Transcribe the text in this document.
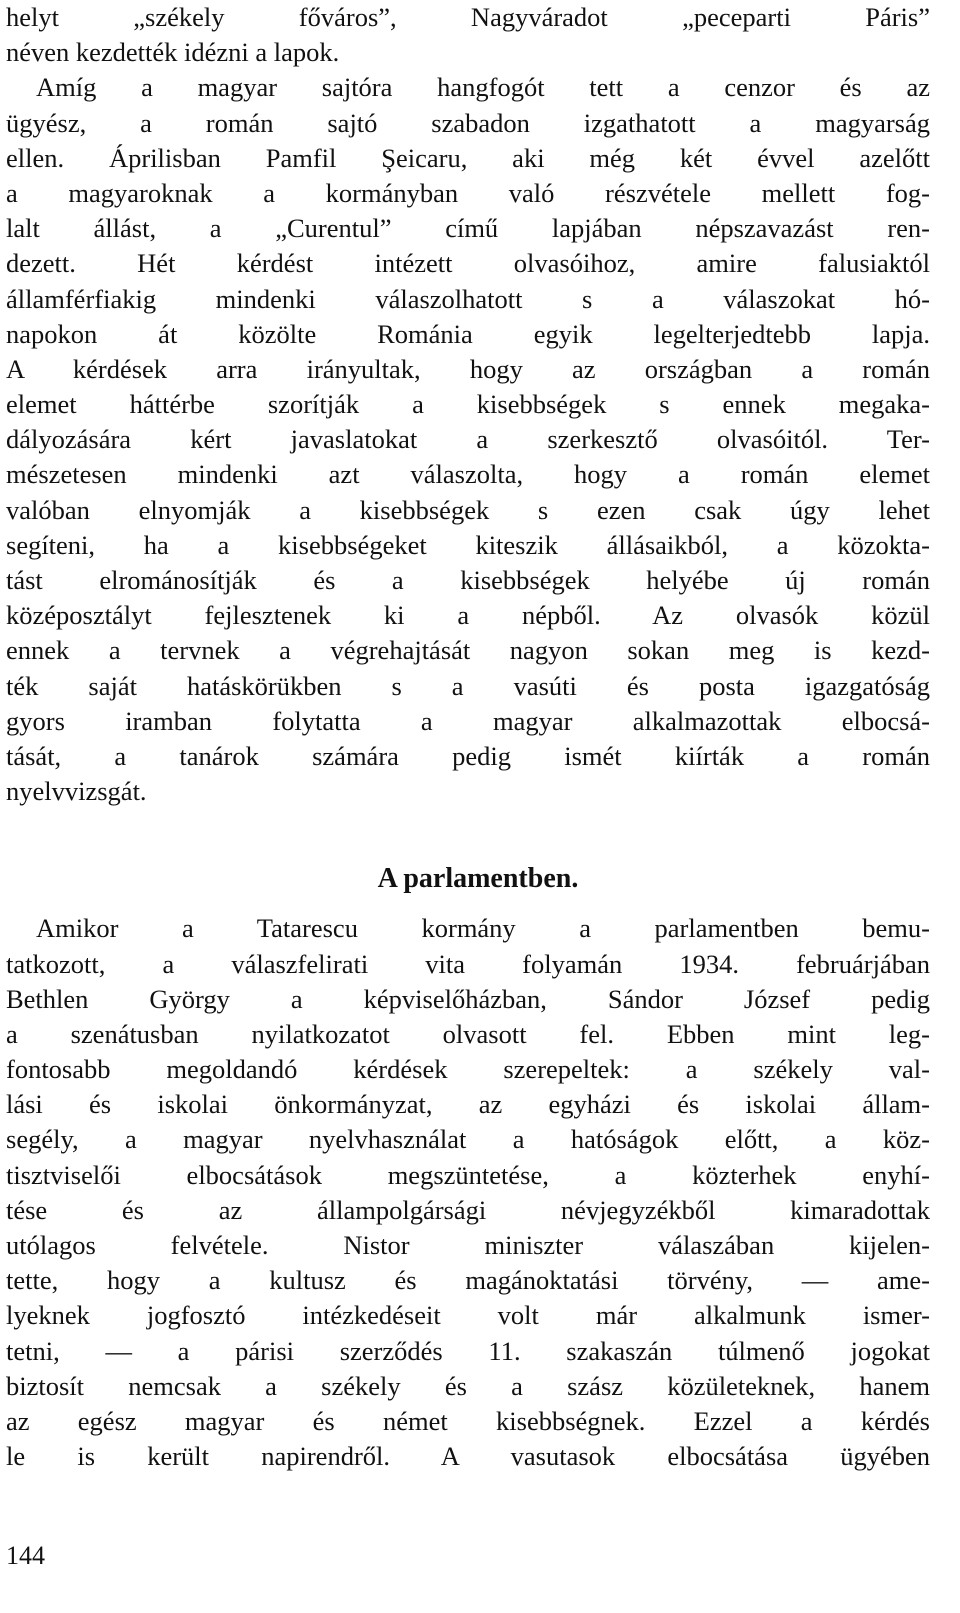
helyt „székely főváros”, Nagyváradot „peceparti Páris”
néven kezdették idézni a lapok.
Amíg a magyar sajtóra hangfogót tett a cenzor és az
ügyész, a román sajtó szabadon izgathatott a magyarság
ellen. Áprilisban Pamfil Şeicaru, aki még két évvel azelőtt
a magyaroknak a kormányban való részvétele mellett fog-
lalt állást, a „Curentul” című lapjában népszavazást ren-
dezett. Hét kérdést intézett olvasóihoz, amire falusiaktól
államférfiakig mindenki válaszolhatott s a válaszokat hó-
napokon át közölte Románia egyik legelterjedtebb lapja.
A kérdések arra irányultak, hogy az országban a román
elemet háttérbe szorítják a kisebbségek s ennek megaka-
dályozására kért javaslatokat a szerkesztő olvasóitól. Ter-
mészetesen mindenki azt válaszolta, hogy a román elemet
valóban elnyomják a kisebbségek s ezen csak úgy lehet
segíteni, ha a kisebbségeket kiteszik állásaikból, a közokta-
tást elrománosítják és a kisebbségek helyébe új román
középosztályt fejlesztenek ki a népből. Az olvasók közül
ennek a tervnek a végrehajtását nagyon sokan meg is kezd-
ték saját hatáskörükben s a vasúti és posta igazgatóság
gyors iramban folytatta a magyar alkalmazottak elbocsá-
tását, a tanárok számára pedig ismét kiírták a román
nyelvvizsgát.
A parlamentben.
Amikor a Tatarescu kormány a parlamentben bemu-
tatkozott, a válaszfelirati vita folyamán 1934. februárjában
Bethlen György a képviselőházban, Sándor József pedig
a szenátusban nyilatkozatot olvasott fel. Ebben mint leg-
fontosabb megoldandó kérdések szerepeltek: a székely val-
lási és iskolai önkormányzat, az egyházi és iskolai állam-
segély, a magyar nyelvhasználat a hatóságok előtt, a köz-
tisztviselői elbocsátások megszüntetése, a közterhek enyhí-
tése és az állampolgársági névjegyzékből kimaradottak
utólagos felvétele. Nistor miniszter válaszában kijelen-
tette, hogy a kultusz és magánoktatási törvény, — ame-
lyeknek jogfosztó intézkedéseit volt már alkalmunk ismer-
tetni, — a párisi szerződés 11. szakaszán túlmenő jogokat
biztosít nemcsak a székely és a szász közületeknek, hanem
az egész magyar és német kisebbségnek. Ezzel a kérdés
le is került napirendről. A vasutasok elbocsátása ügyében
144
